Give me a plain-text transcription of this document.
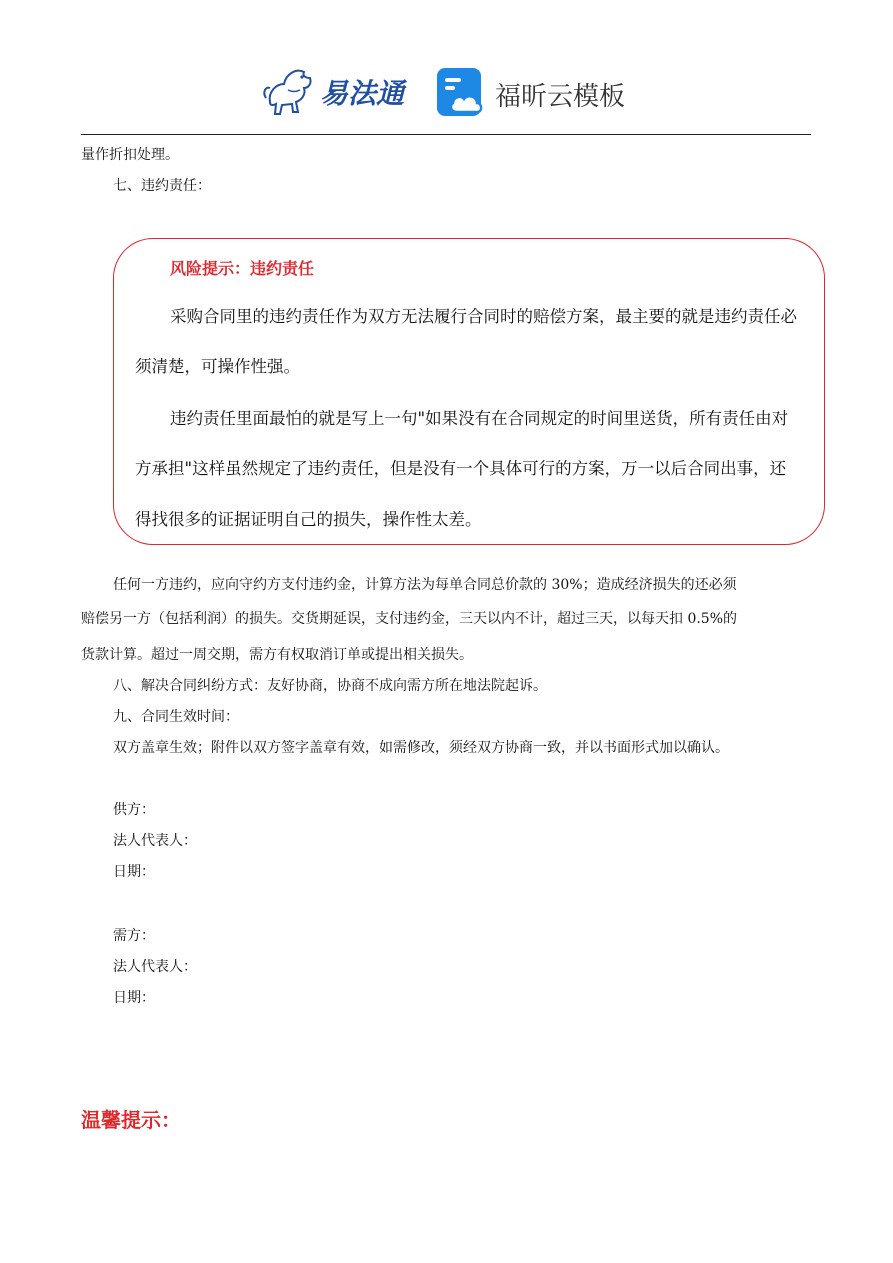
易法通	福昕云模板
量作折扣处理。
七、违约责任：
风险提示：违约责任
采购合同里的违约责任作为双方无法履行合同时的赔偿方案，最主要的就是违约责任必
须清楚，可操作性强。
违约责任里面最怕的就是写上一句"如果没有在合同规定的时间里送货，所有责任由对
方承担"这样虽然规定了违约责任，但是没有一个具体可行的方案，万一以后合同出事，还
得找很多的证据证明自己的损失，操作性太差。
任何一方违约，应向守约方支付违约金，计算方法为每单合同总价款的 30%；造成经济损失的还必须
赔偿另一方（包括利润）的损失。交货期延误，支付违约金，三天以内不计，超过三天，以每天扣 0.5%的
货款计算。超过一周交期，需方有权取消订单或提出相关损失。
八、解决合同纠纷方式：友好协商，协商不成向需方所在地法院起诉。
九、合同生效时间：
双方盖章生效；附件以双方签字盖章有效，如需修改，须经双方协商一致，并以书面形式加以确认。
供方：
法人代表人：
日期：
需方：
法人代表人：
日期：
温馨提示：
